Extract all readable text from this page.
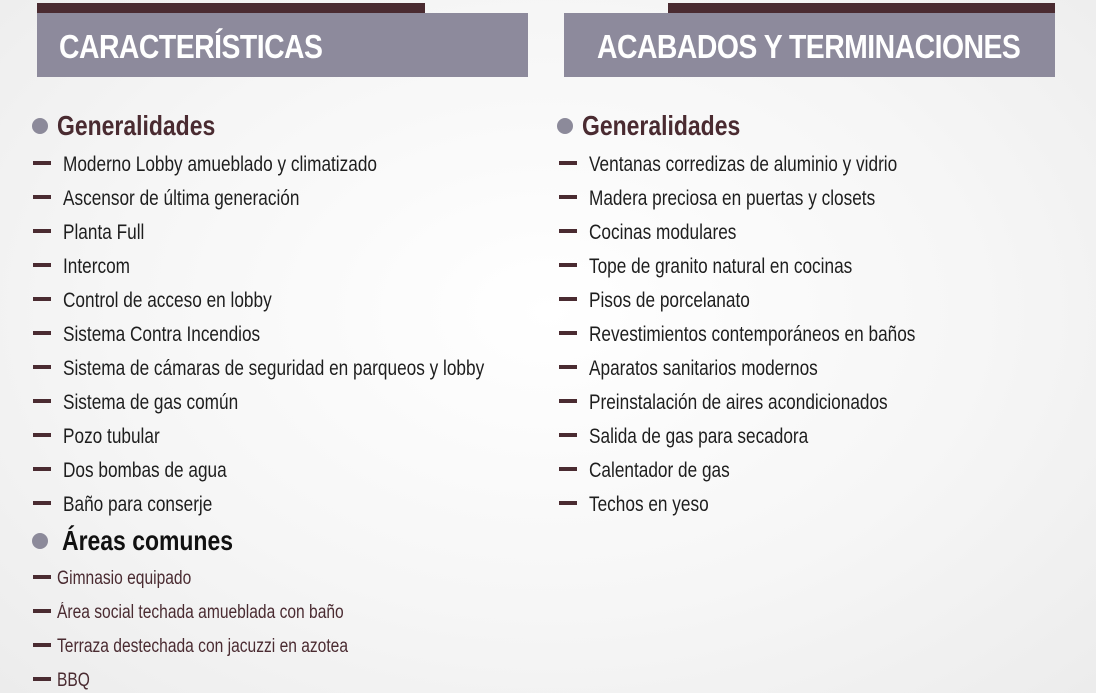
CARACTERÍSTICAS
Generalidades
Moderno Lobby amueblado y climatizado
Ascensor de última generación
Planta Full
Intercom
Control de acceso en lobby
Sistema Contra Incendios
Sistema de cámaras de seguridad en parqueos y lobby
Sistema de gas común
Pozo tubular
Dos bombas de agua
Baño para conserje
Áreas comunes
Gimnasio equipado
Área social techada amueblada con baño
Terraza destechada con jacuzzi en azotea
BBQ
ACABADOS Y TERMINACIONES
Generalidades
Ventanas corredizas de aluminio y vidrio
Madera preciosa en puertas y closets
Cocinas modulares
Tope de granito natural en cocinas
Pisos de porcelanato
Revestimientos contemporáneos en baños
Aparatos sanitarios modernos
Preinstalación de aires acondicionados
Salida de gas para secadora
Calentador de gas
Techos en yeso
